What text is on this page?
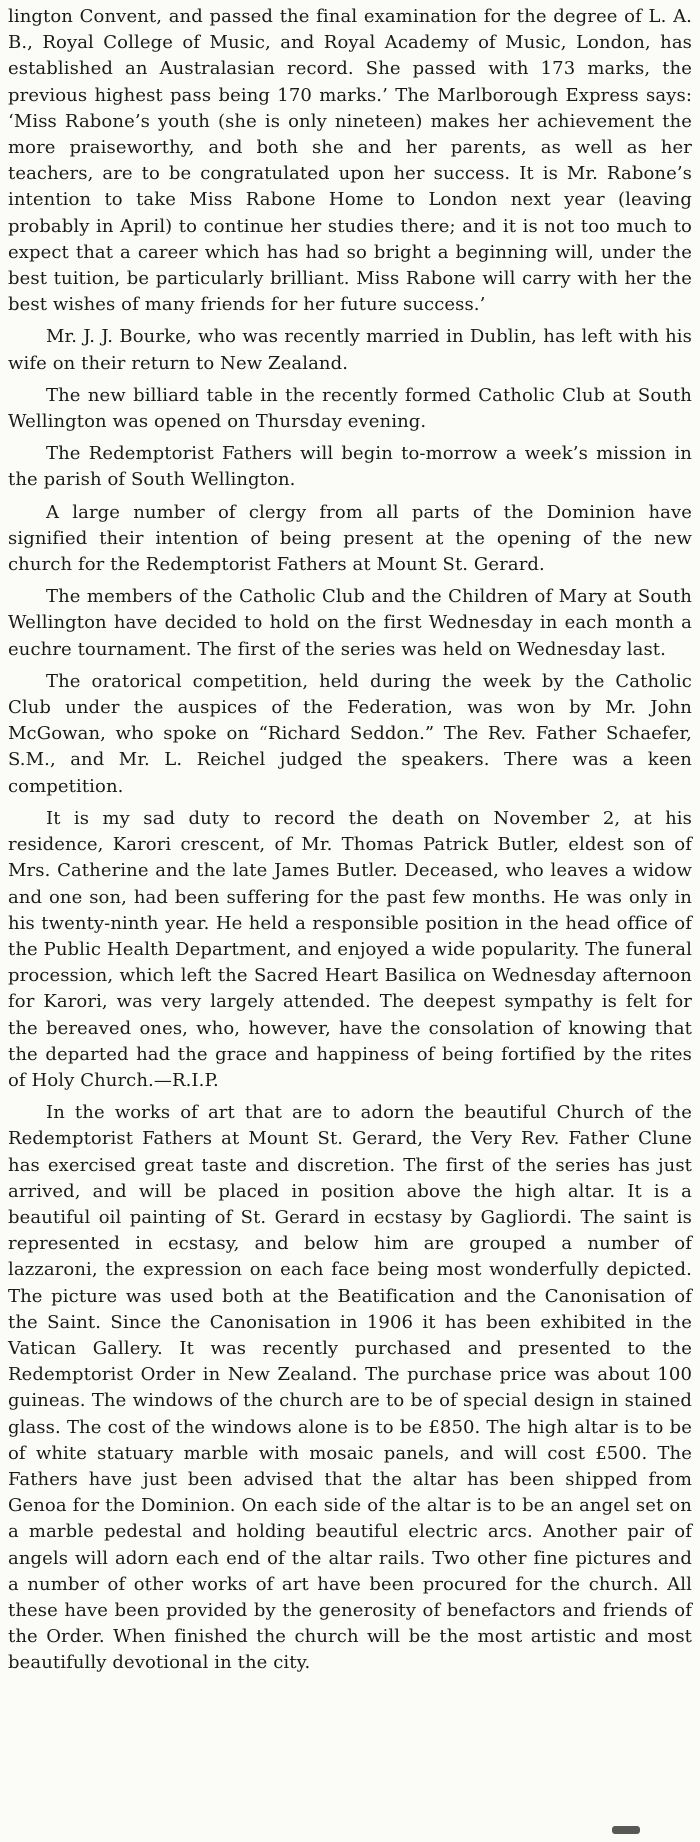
lington Convent, and passed the final examination for the degree of L. A. B., Royal College of Music, and Royal Academy of Music, London, has established an Australasian record. She passed with 173 marks, the previous highest pass being 170 marks.’ The Marlborough Express says: ‘Miss Rabone’s youth (she is only nineteen) makes her achievement the more praiseworthy, and both she and her parents, as well as her teachers, are to be congratulated upon her success. It is Mr. Rabone’s intention to take Miss Rabone Home to London next year (leaving probably in April) to continue her studies there; and it is not too much to expect that a career which has had so bright a beginning will, under the best tuition, be particularly brilliant. Miss Rabone will carry with her the best wishes of many friends for her future success.’

Mr. J. J. Bourke, who was recently married in Dublin, has left with his wife on their return to New Zealand.

The new billiard table in the recently formed Catholic Club at South Wellington was opened on Thursday evening.

The Redemptorist Fathers will begin to-morrow a week’s mission in the parish of South Wellington.

A large number of clergy from all parts of the Dominion have signified their intention of being present at the opening of the new church for the Redemptorist Fathers at Mount St. Gerard.

The members of the Catholic Club and the Children of Mary at South Wellington have decided to hold on the first Wednesday in each month a euchre tournament. The first of the series was held on Wednesday last.

The oratorical competition, held during the week by the Catholic Club under the auspices of the Federation, was won by Mr. John McGowan, who spoke on “Richard Seddon.” The Rev. Father Schaefer, S.M., and Mr. L. Reichel judged the speakers. There was a keen competition.

It is my sad duty to record the death on November 2, at his residence, Karori crescent, of Mr. Thomas Patrick Butler, eldest son of Mrs. Catherine and the late James Butler. Deceased, who leaves a widow and one son, had been suffering for the past few months. He was only in his twenty-ninth year. He held a responsible position in the head office of the Public Health Department, and enjoyed a wide popularity. The funeral procession, which left the Sacred Heart Basilica on Wednesday afternoon for Karori, was very largely attended. The deepest sympathy is felt for the bereaved ones, who, however, have the consolation of knowing that the departed had the grace and happiness of being fortified by the rites of Holy Church.—R.I.P.

In the works of art that are to adorn the beautiful Church of the Redemptorist Fathers at Mount St. Gerard, the Very Rev. Father Clune has exercised great taste and discretion. The first of the series has just arrived, and will be placed in position above the high altar. It is a beautiful oil painting of St. Gerard in ecstasy by Gagliordi. The saint is represented in ecstasy, and below him are grouped a number of lazzaroni, the expression on each face being most wonderfully depicted. The picture was used both at the Beatification and the Canonisation of the Saint. Since the Canonisation in 1906 it has been exhibited in the Vatican Gallery. It was recently purchased and presented to the Redemptorist Order in New Zealand. The purchase price was about 100 guineas. The windows of the church are to be of special design in stained glass. The cost of the windows alone is to be £850. The high altar is to be of white statuary marble with mosaic panels, and will cost £500. The Fathers have just been advised that the altar has been shipped from Genoa for the Dominion. On each side of the altar is to be an angel set on a marble pedestal and holding beautiful electric arcs. Another pair of angels will adorn each end of the altar rails. Two other fine pictures and a number of other works of art have been procured for the church. All these have been provided by the generosity of benefactors and friends of the Order. When finished the church will be the most artistic and most beautifully devotional in the city.
